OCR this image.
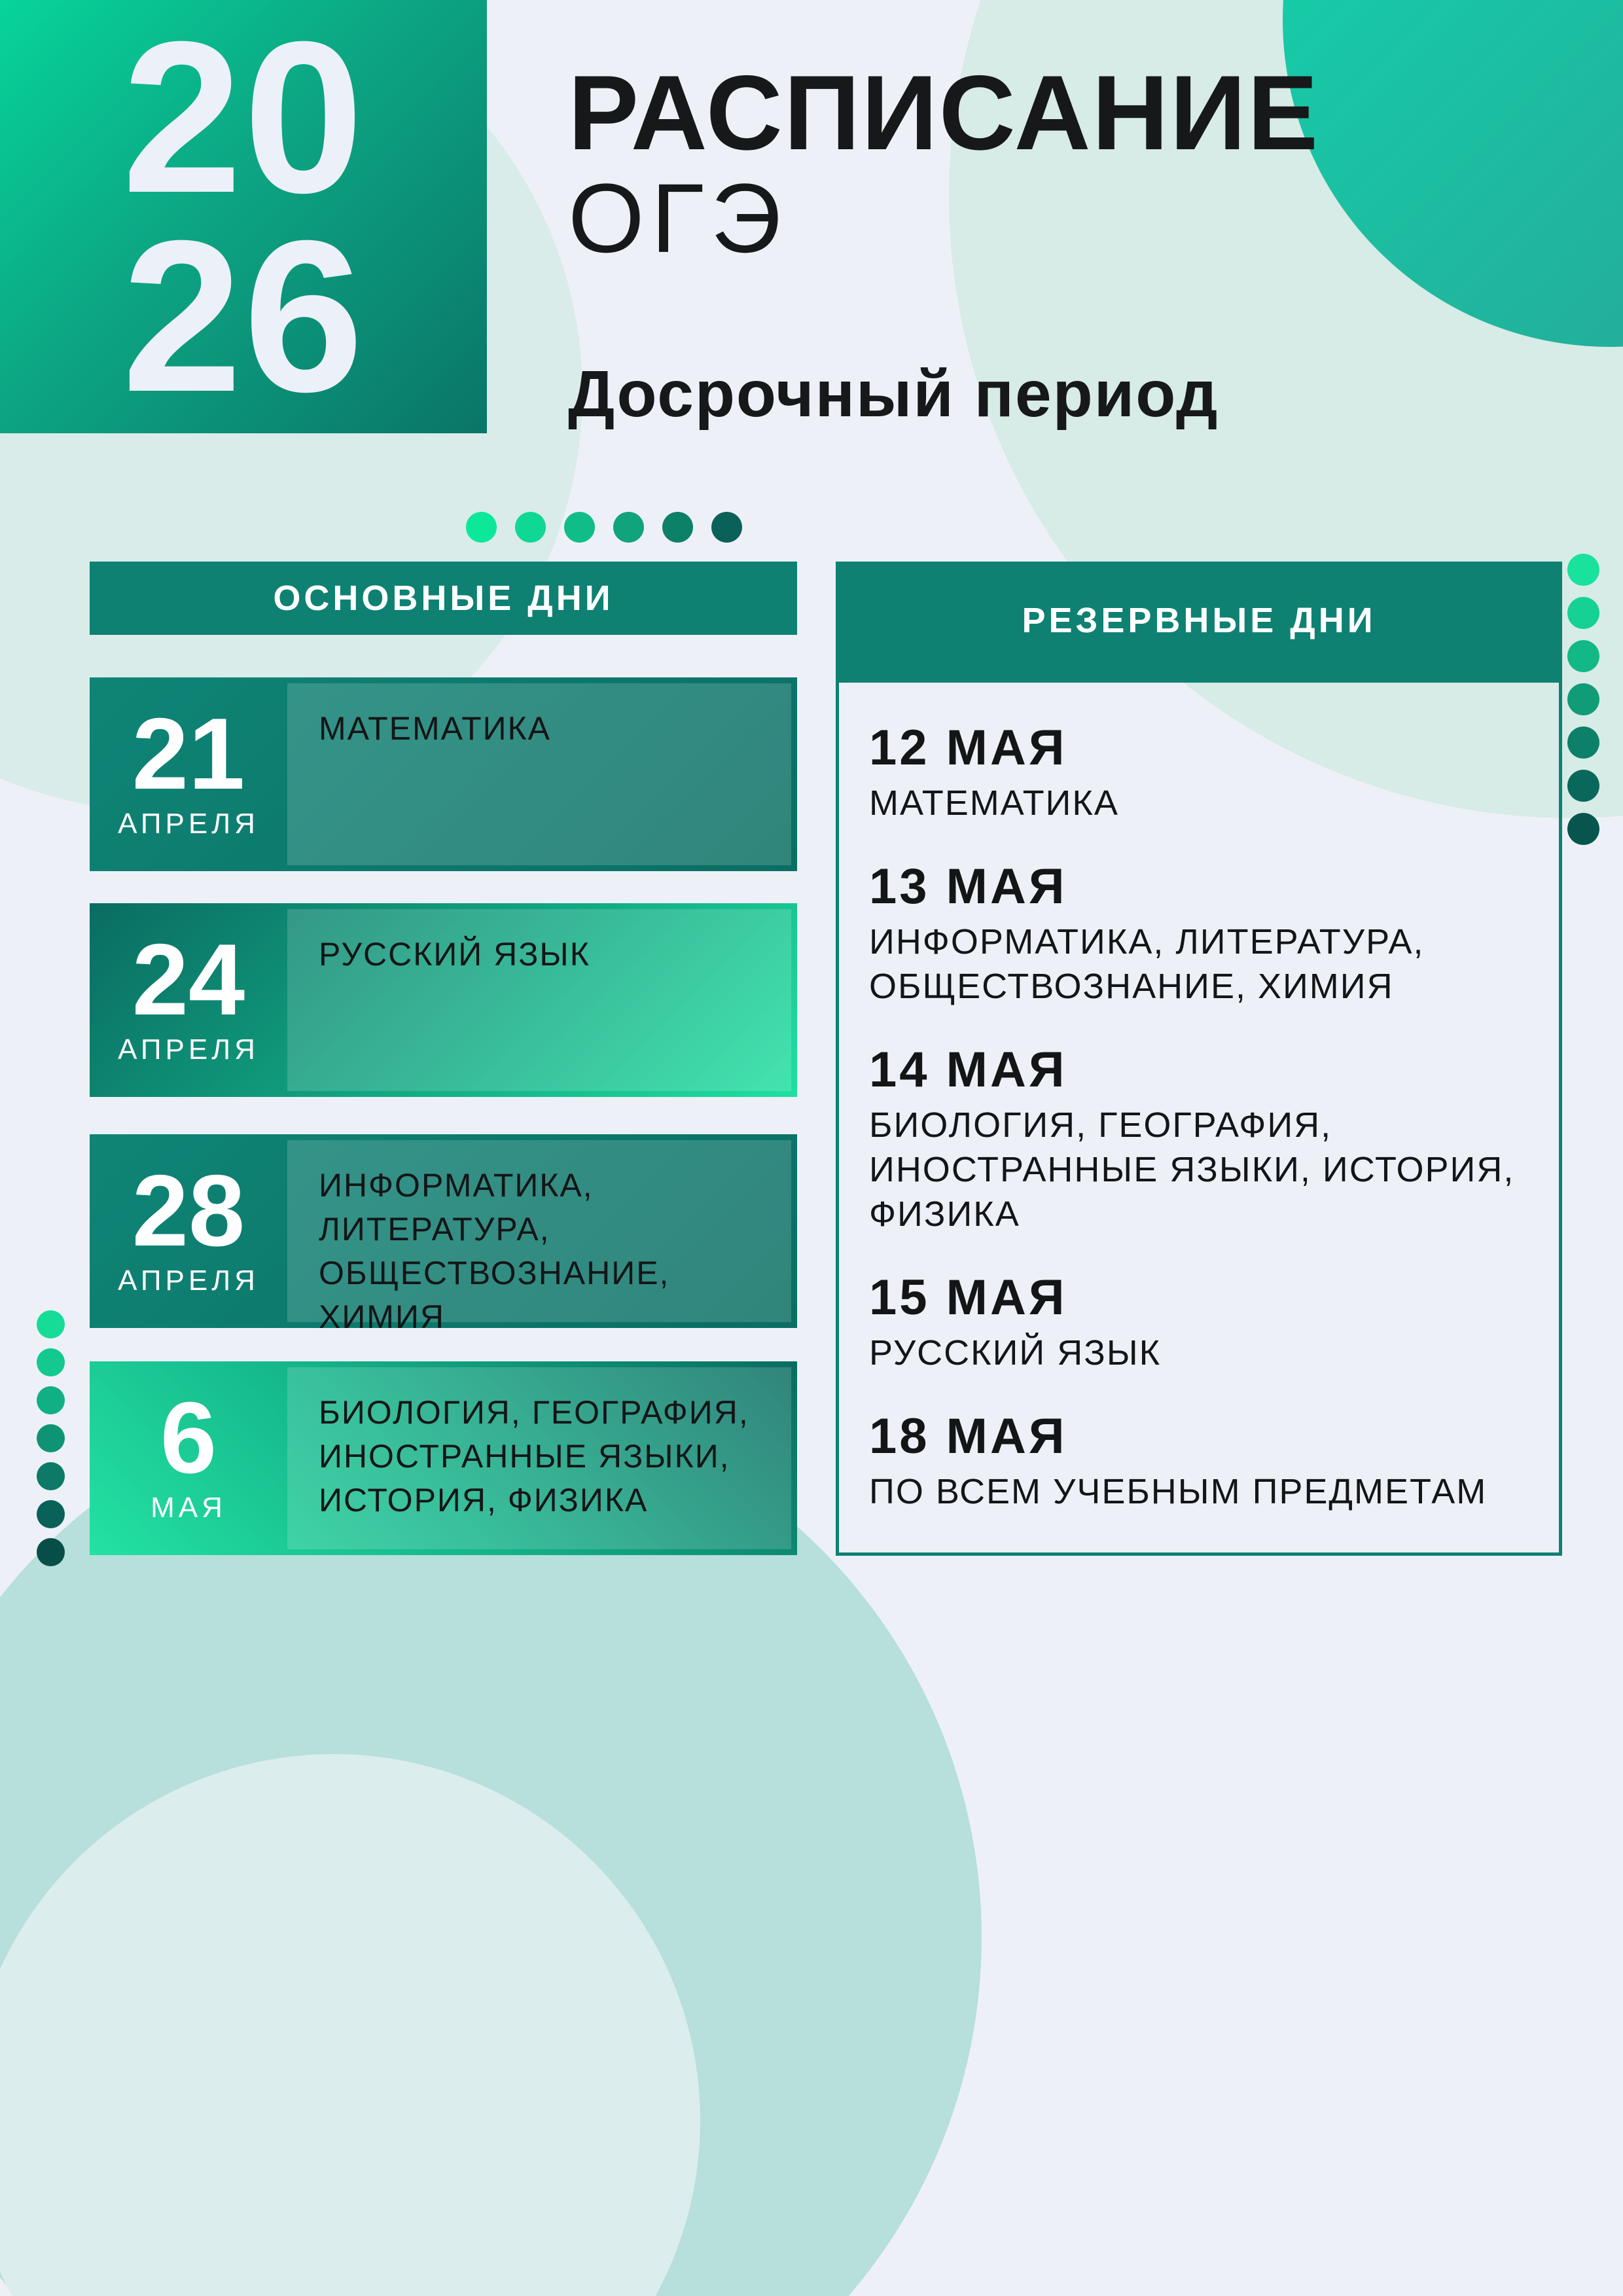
20
26
РАСПИСАНИЕ
ОГЭ
Досрочный период
ОСНОВНЫЕ ДНИ
21
АПРЕЛЯ
МАТЕМАТИКА
24
АПРЕЛЯ
РУССКИЙ ЯЗЫК
28
АПРЕЛЯ
ИНФОРМАТИКА, ЛИТЕРАТУРА, ОБЩЕСТВОЗНАНИЕ, ХИМИЯ
6
МАЯ
БИОЛОГИЯ, ГЕОГРАФИЯ, ИНОСТРАННЫЕ ЯЗЫКИ, ИСТОРИЯ, ФИЗИКА
РЕЗЕРВНЫЕ ДНИ

12 МАЯ

МАТЕМАТИКА

13 МАЯ

ИНФОРМАТИКА, ЛИТЕРАТУРА, ОБЩЕСТВОЗНАНИЕ, ХИМИЯ

14 МАЯ

БИОЛОГИЯ, ГЕОГРАФИЯ, ИНОСТРАННЫЕ ЯЗЫКИ, ИСТОРИЯ, ФИЗИКА

15 МАЯ

РУССКИЙ ЯЗЫК

18 МАЯ

ПО ВСЕМ УЧЕБНЫМ ПРЕДМЕТАМ
